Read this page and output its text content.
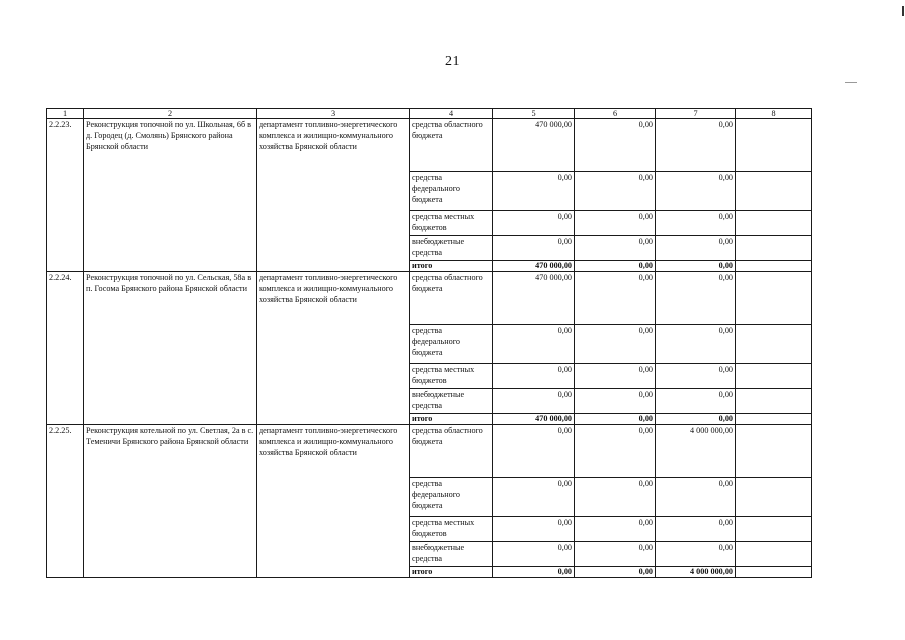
21
1	2	3	4	5	6	7	8
2.2.23.	Реконструкция топочной по ул. Школьная, 6б в д. Городец (д. Смолянь) Брянского района Брянской области	департамент топливно-энергетического комплекса и жилищно-коммунального хозяйства Брянской области	средства областного бюджета	470 000,00	0,00	0,00	
			средства федерального бюджета	0,00	0,00	0,00	
			средства местных бюджетов	0,00	0,00	0,00	
			внебюджетные средства	0,00	0,00	0,00	
			итого	470 000,00	0,00	0,00	
2.2.24.	Реконструкция топочной по ул. Сельская, 58а в п. Госома Брянского района Брянской области	департамент топливно-энергетического комплекса и жилищно-коммунального хозяйства Брянской области	средства областного бюджета	470 000,00	0,00	0,00	
			средства федерального бюджета	0,00	0,00	0,00	
			средства местных бюджетов	0,00	0,00	0,00	
			внебюджетные средства	0,00	0,00	0,00	
			итого	470 000,00	0,00	0,00	
2.2.25.	Реконструкция котельной по ул. Светлая, 2а в с. Теменичи Брянского района Брянской области	департамент топливно-энергетического комплекса и жилищно-коммунального хозяйства Брянской области	средства областного бюджета	0,00	0,00	4 000 000,00	
			средства федерального бюджета	0,00	0,00	0,00	
			средства местных бюджетов	0,00	0,00	0,00	
			внебюджетные средства	0,00	0,00	0,00	
			итого	0,00	0,00	4 000 000,00	
